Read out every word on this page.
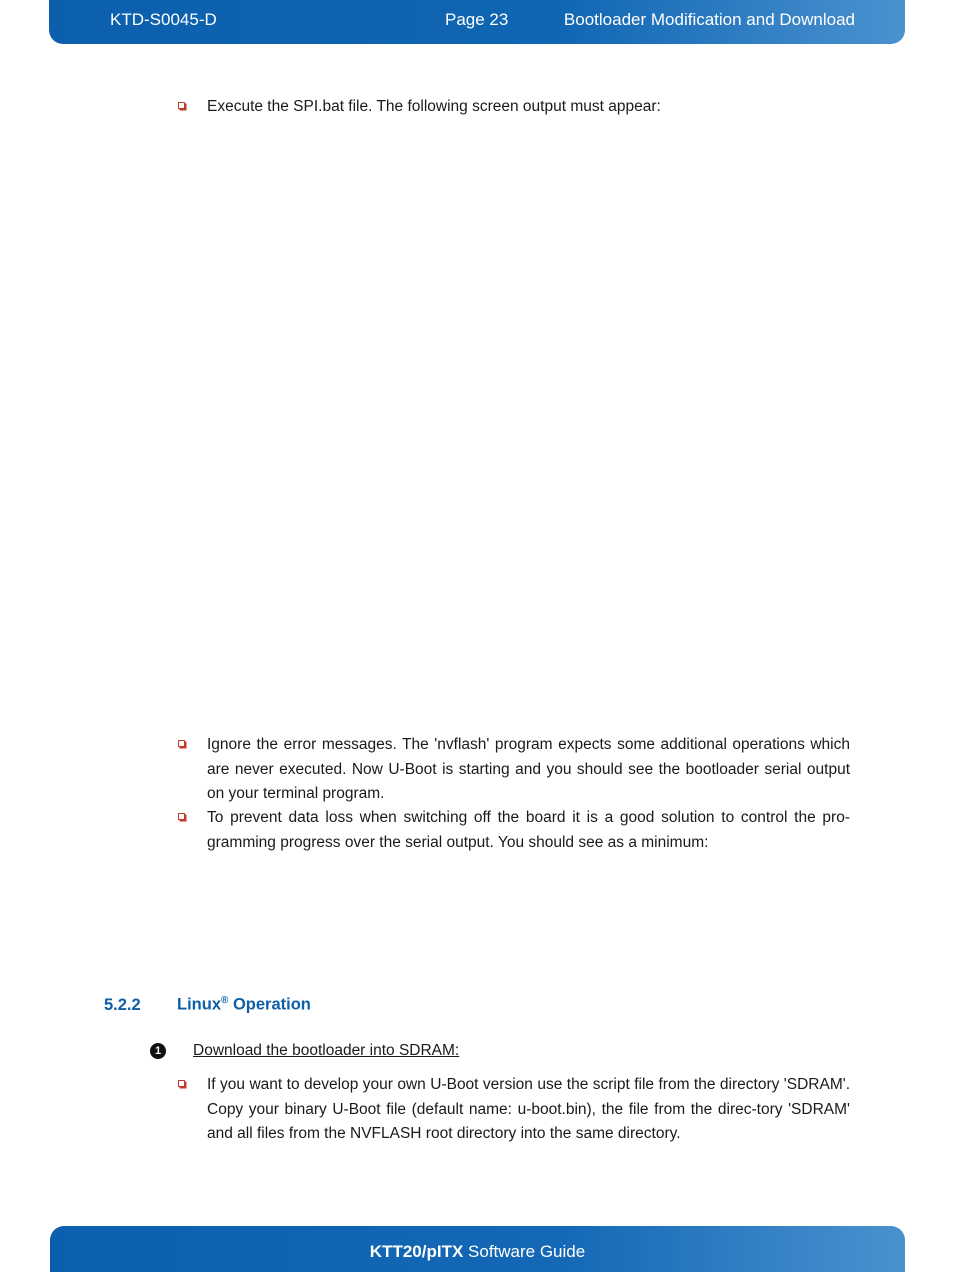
KTD-S0045-D	Page 23	Bootloader Modification and Download
Execute the SPI.bat file. The following screen output must appear:
Ignore the error messages. The 'nvflash' program expects some additional operations which are never executed. Now U-Boot is starting and you should see the bootloader serial output on your terminal program.
To prevent data loss when switching off the board it is a good solution to control the pro-gramming progress over the serial output. You should see as a minimum:
5.2.2 Linux® Operation
1 Download the bootloader into SDRAM:
If you want to develop your own U-Boot version use the script file from the directory 'SDRAM'. Copy your binary U-Boot file (default name: u-boot.bin), the file from the direc-tory 'SDRAM' and all files from the NVFLASH root directory into the same directory.
KTT20/pITX Software Guide
